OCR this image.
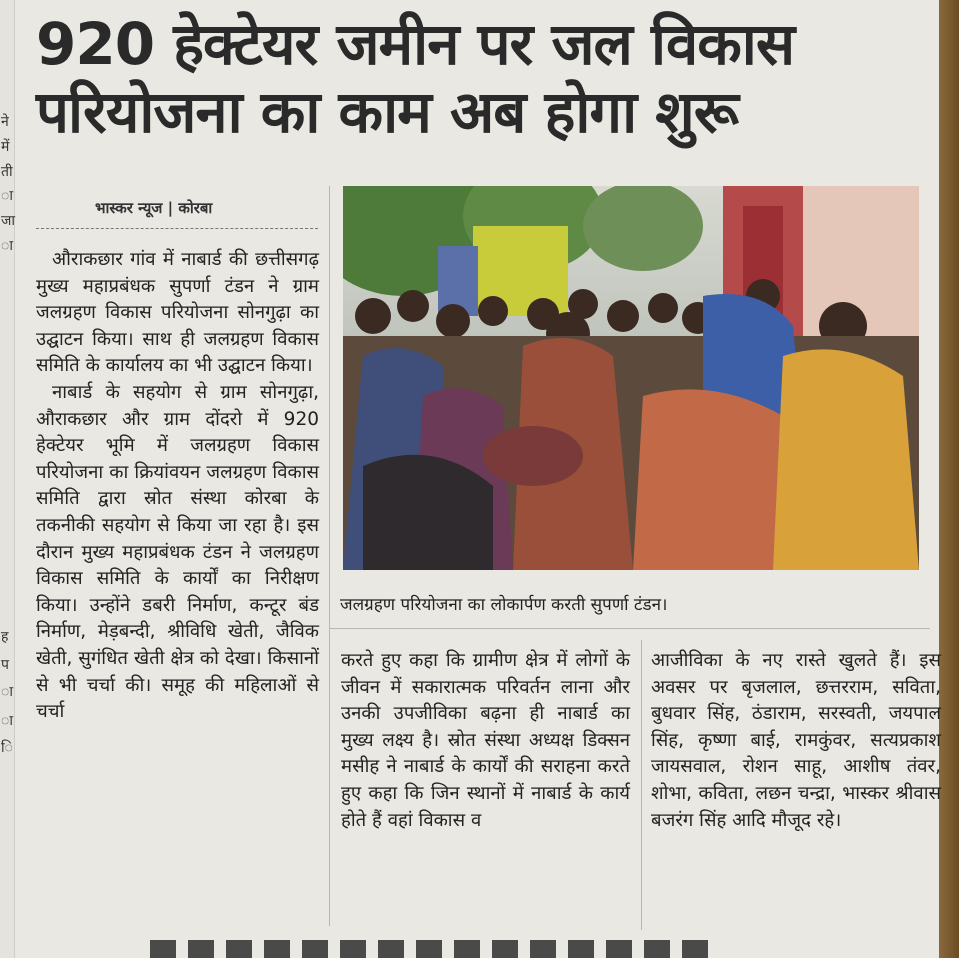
ने
में
ती
ा
जा
ा
ह
प
ा
ा
ि
920 हेक्टेयर जमीन पर जल विकास
परियोजना का काम अब होगा शुरू
भास्कर न्यूज | कोरबा

औराकछार गांव में नाबार्ड की छत्तीसगढ़ मुख्य महाप्रबंधक सुपर्णा टंडन ने ग्राम जलग्रहण विकास परियोजना सोनगुढ़ा का उद्घाटन किया। साथ ही जलग्रहण विकास समिति के कार्यालय का भी उद्घाटन किया।

नाबार्ड के सहयोग से ग्राम सोनगुढ़ा, औराकछार और ग्राम दोंदरो में 920 हेक्टेयर भूमि में जलग्रहण विकास परियोजना का क्रियांवयन जलग्रहण विकास समिति द्वारा स्रोत संस्था कोरबा के तकनीकी सहयोग से किया जा रहा है। इस दौरान मुख्य महाप्रबंधक टंडन ने जलग्रहण विकास समिति के कार्यों का निरीक्षण किया। उन्होंने डबरी निर्माण, कन्टूर बंड निर्माण, मेड़बन्दी, श्रीविधि खेती, जैविक खेती, सुगंधित खेती क्षेत्र को देखा। किसानों से भी चर्चा की। समूह की महिलाओं से चर्चा

जलग्रहण परियोजना का लोकार्पण करती सुपर्णा टंडन।

करते हुए कहा कि ग्रामीण क्षेत्र में लोगों के जीवन में सकारात्मक परिवर्तन लाना और उनकी उपजीविका बढ़ना ही नाबार्ड का मुख्य लक्ष्य है। स्रोत संस्था अध्यक्ष डिक्सन मसीह ने नाबार्ड के कार्यों की सराहना करते हुए कहा कि जिन स्थानों में नाबार्ड के कार्य होते हैं वहां विकास व

आजीविका के नए रास्ते खुलते हैं। इस अवसर पर बृजलाल, छत्तरराम, सविता, बुधवार सिंह, ठंडाराम, सरस्वती, जयपाल सिंह, कृष्णा बाई, रामकुंवर, सत्यप्रकाश जायसवाल, रोशन साहू, आशीष तंवर, शोभा, कविता, लछन चन्द्रा, भास्कर श्रीवास बजरंग सिंह आदि मौजूद रहे।
